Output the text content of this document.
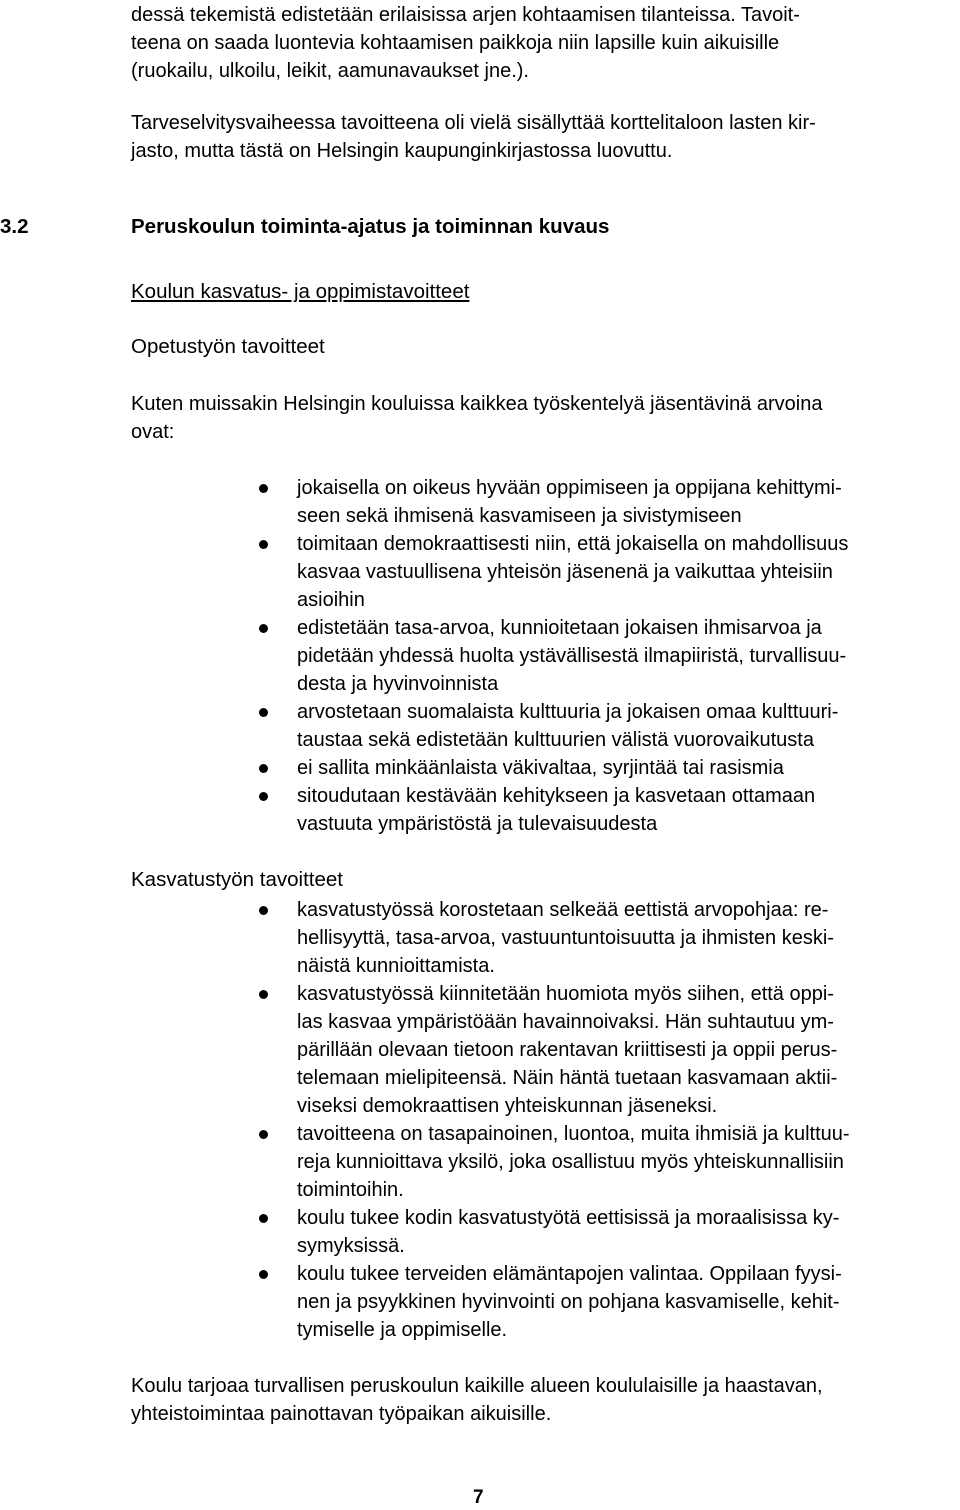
dessä tekemistä edistetään erilaisissa arjen kohtaamisen tilanteissa. Tavoit-
teena on saada luontevia kohtaamisen paikkoja niin lapsille kuin aikuisille
(ruokailu, ulkoilu, leikit, aamunavaukset jne.).
Tarveselvitysvaiheessa tavoitteena oli vielä sisällyttää korttelitaloon lasten kir-
jasto, mutta tästä on Helsingin kaupunginkirjastossa luovuttu.
3.2	Peruskoulun toiminta-ajatus ja toiminnan kuvaus
Koulun kasvatus- ja oppimistavoitteet
Opetustyön tavoitteet
Kuten muissakin Helsingin kouluissa kaikkea työskentelyä jäsentävinä arvoina
ovat:
jokaisella on oikeus hyvään oppimiseen ja oppijana kehittymi-
seen sekä ihmisenä kasvamiseen ja sivistymiseen
toimitaan demokraattisesti niin, että jokaisella on mahdollisuus
kasvaa vastuullisena yhteisön jäsenenä ja vaikuttaa yhteisiin
asioihin
edistetään tasa-arvoa, kunnioitetaan jokaisen ihmisarvoa ja
pidetään yhdessä huolta ystävällisestä ilmapiiristä, turvallisuu-
desta ja hyvinvoinnista
arvostetaan suomalaista kulttuuria ja jokaisen omaa kulttuuri-
taustaa sekä edistetään kulttuurien välistä vuorovaikutusta
ei sallita minkäänlaista väkivaltaa, syrjintää tai rasismia
sitoudutaan kestävään kehitykseen ja kasvetaan ottamaan
vastuuta ympäristöstä ja tulevaisuudesta
Kasvatustyön tavoitteet
kasvatustyössä korostetaan selkeää eettistä arvopohjaa: re-
hellisyyttä, tasa-arvoa, vastuuntuntoisuutta ja ihmisten keski-
näistä kunnioittamista.
kasvatustyössä kiinnitetään huomiota myös siihen, että oppi-
las kasvaa ympäristöään havainnoivaksi. Hän suhtautuu ym-
pärillään olevaan tietoon rakentavan kriittisesti ja oppii perus-
telemaan mielipiteensä. Näin häntä tuetaan kasvamaan aktii-
viseksi demokraattisen yhteiskunnan jäseneksi.
tavoitteena on tasapainoinen, luontoa, muita ihmisiä ja kulttuu-
reja kunnioittava yksilö, joka osallistuu myös yhteiskunnallisiin
toimintoihin.
koulu tukee kodin kasvatustyötä eettisissä ja moraalisissa ky-
symyksissä.
koulu tukee terveiden elämäntapojen valintaa. Oppilaan fyysi-
nen ja psyykkinen hyvinvointi on pohjana kasvamiselle, kehit-
tymiselle ja oppimiselle.
Koulu tarjoaa turvallisen peruskoulun kaikille alueen koululaisille ja haastavan,
yhteistoimintaa painottavan työpaikan aikuisille.
7
